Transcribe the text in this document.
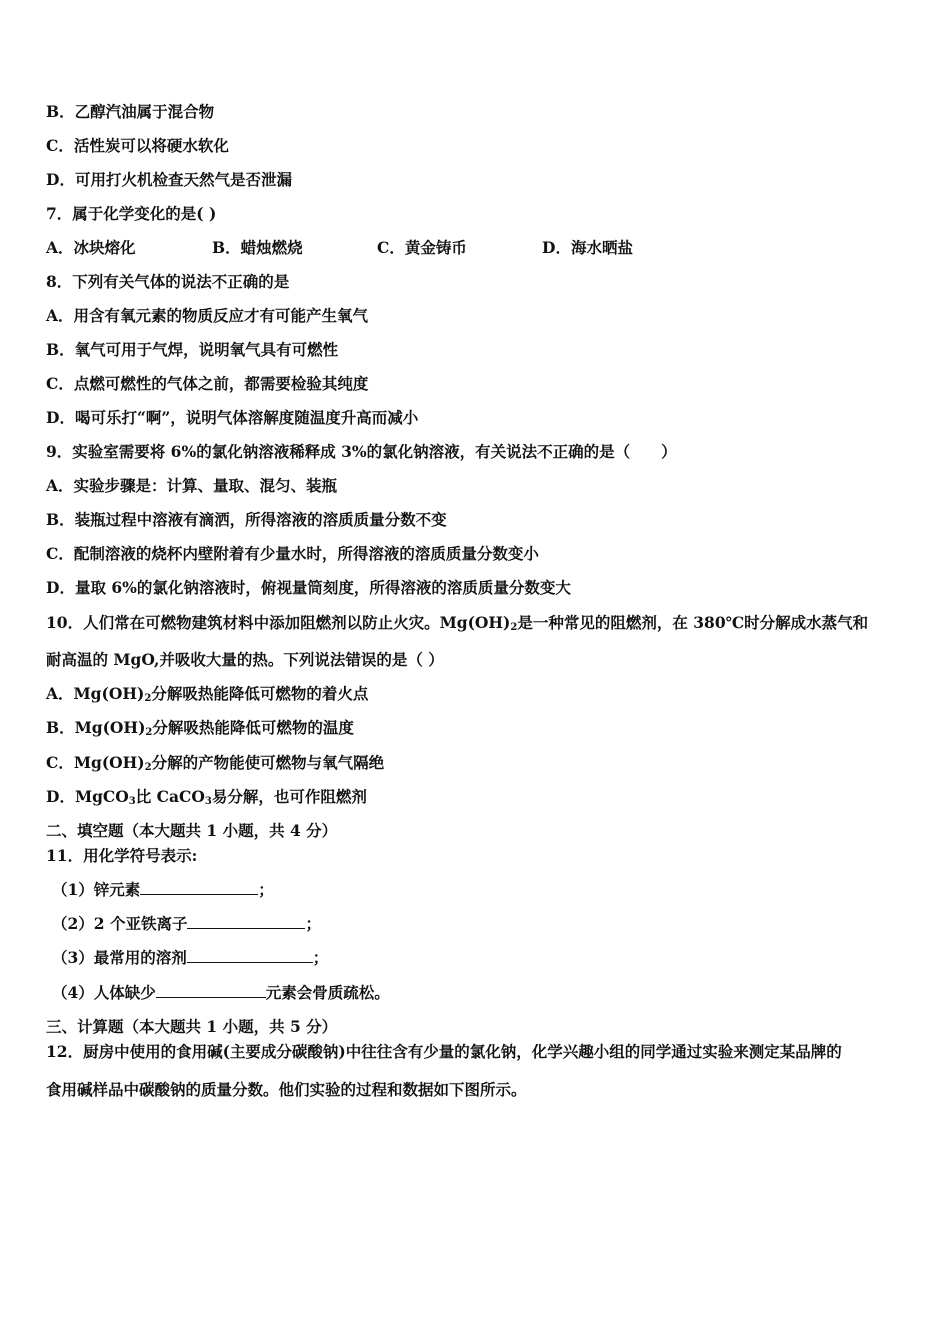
B．乙醇汽油属于混合物
C．活性炭可以将硬水软化
D．可用打火机检查天然气是否泄漏
7．属于化学变化的是( )
A．冰块熔化	B．蜡烛燃烧	C．黄金铸币	D．海水晒盐
8．下列有关气体的说法不正确的是
A．用含有氧元素的物质反应才有可能产生氧气
B．氧气可用于气焊，说明氧气具有可燃性
C．点燃可燃性的气体之前，都需要检验其纯度
D．喝可乐打“啊”，说明气体溶解度随温度升高而减小
9．实验室需要将 6%的氯化钠溶液稀释成 3%的氯化钠溶液，有关说法不正确的是（　　）
A．实验步骤是：计算、量取、混匀、装瓶
B．装瓶过程中溶液有滴洒，所得溶液的溶质质量分数不变
C．配制溶液的烧杯内壁附着有少量水时，所得溶液的溶质质量分数变小
D．量取 6%的氯化钠溶液时，俯视量筒刻度，所得溶液的溶质质量分数变大
10．人们常在可燃物建筑材料中添加阻燃剂以防止火灾。$Mg(OH)_2$是一种常见的阻燃剂，在 380℃时分解成水蒸气和
耐高温的 MgO,并吸收大量的热。下列说法错误的是（ ）
A．$Mg(OH)_2$分解吸热能降低可燃物的着火点
B．$Mg(OH)_2$分解吸热能降低可燃物的温度
C．$Mg(OH)_2$分解的产物能使可燃物与氧气隔绝
D．MgCO$_3$比 CaCO$_3$易分解，也可作阻燃剂
二、填空题（本大题共 1 小题，共 4 分）
11．用化学符号表示:
（1）锌元素	；
（2）2 个亚铁离子	；
（3）最常用的溶剂	；
（4）人体缺少	元素会骨质疏松。
三、计算题（本大题共 1 小题，共 5 分）
12．厨房中使用的食用碱(主要成分碳酸钠)中往往含有少量的氯化钠，化学兴趣小组的同学通过实验来测定某品牌的
食用碱样品中碳酸钠的质量分数。他们实验的过程和数据如下图所示。
